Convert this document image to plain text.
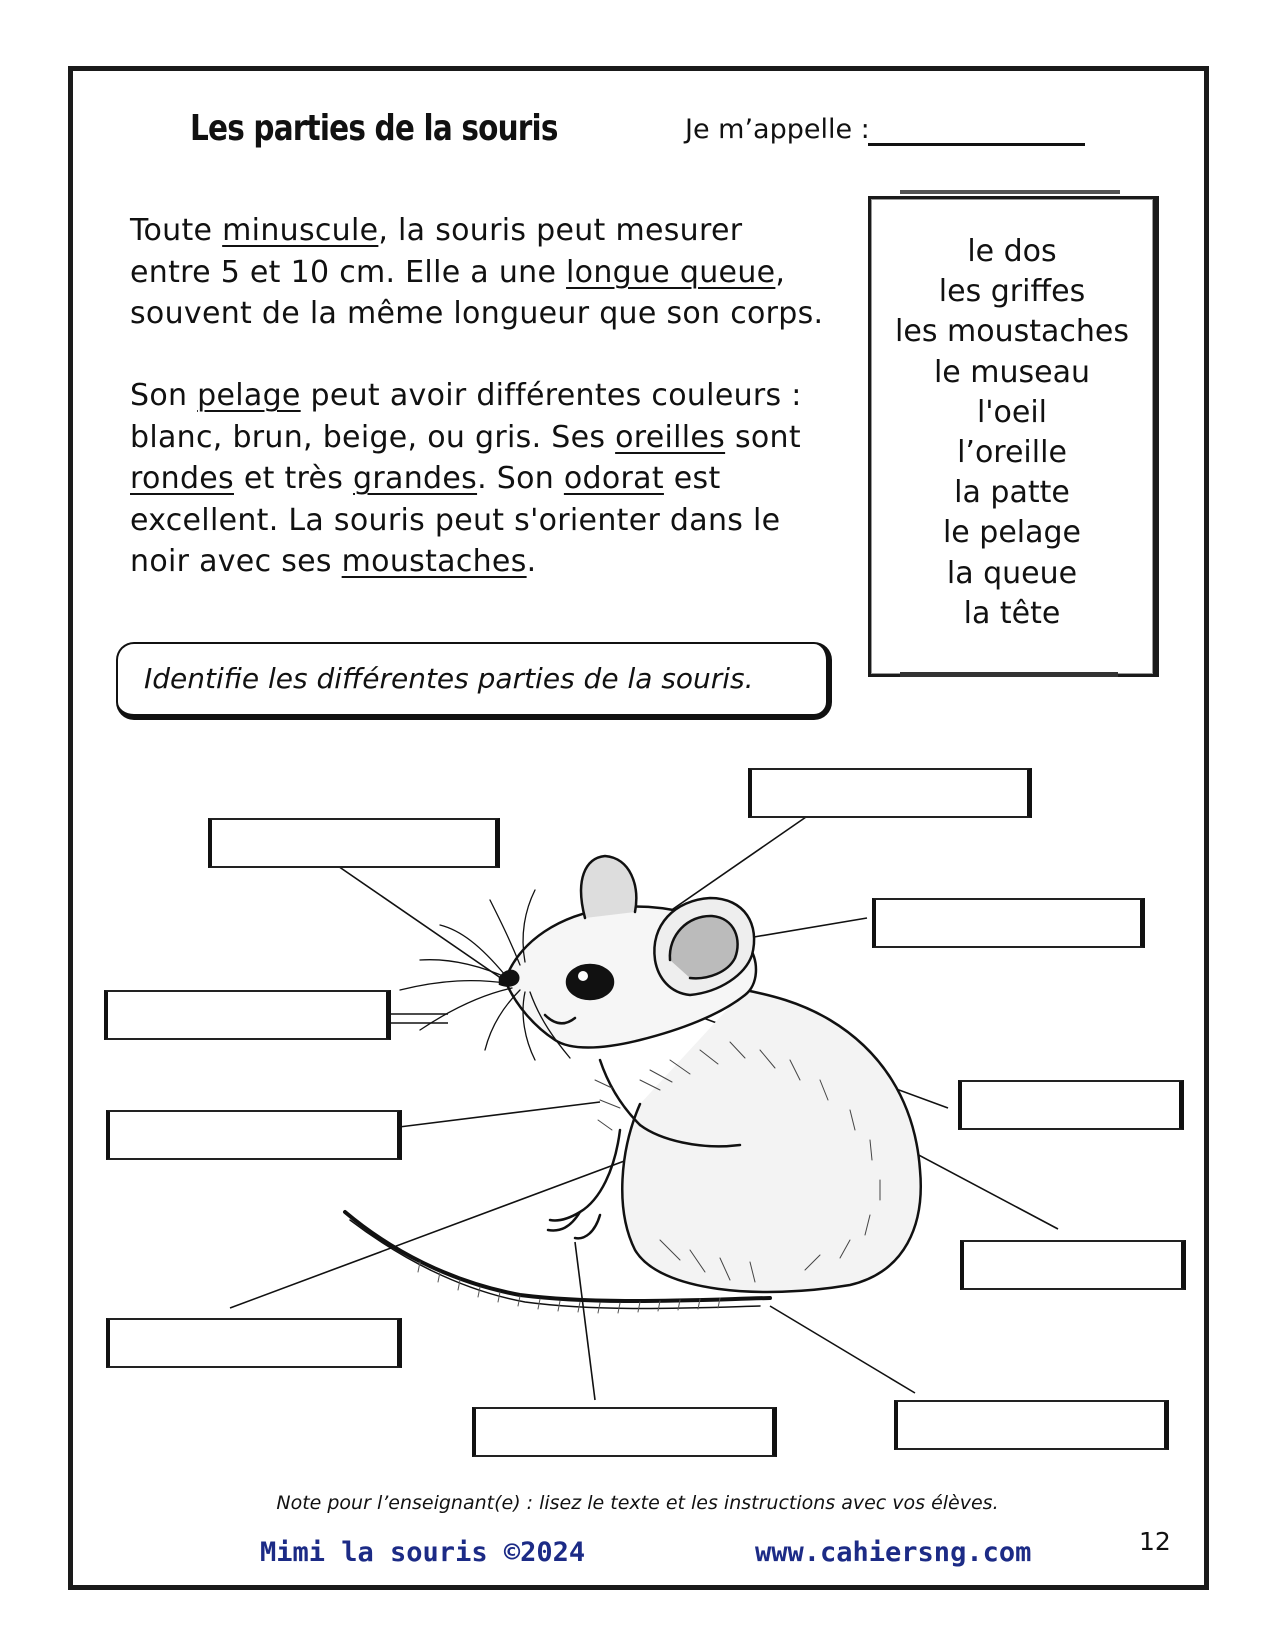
Les parties de la souris	Je m’appelle :
Toute minuscule, la souris peut mesurer entre 5 et 10 cm. Elle a une longue queue, souvent de la même longueur que son corps.
Son pelage peut avoir différentes couleurs : blanc, brun, beige, ou gris. Ses oreilles sont rondes et très grandes. Son odorat est excellent. La souris peut s'orienter dans le noir avec ses moustaches.
le dos
les griffes
les moustaches
le museau
l'oeil
l’oreille
la patte
le pelage
la queue
la tête
Identifie les différentes parties de la souris.
Note pour l’enseignant(e) : lisez le texte et les instructions avec vos élèves.
Mimi la souris ©2024	www.cahiersng.com	12
